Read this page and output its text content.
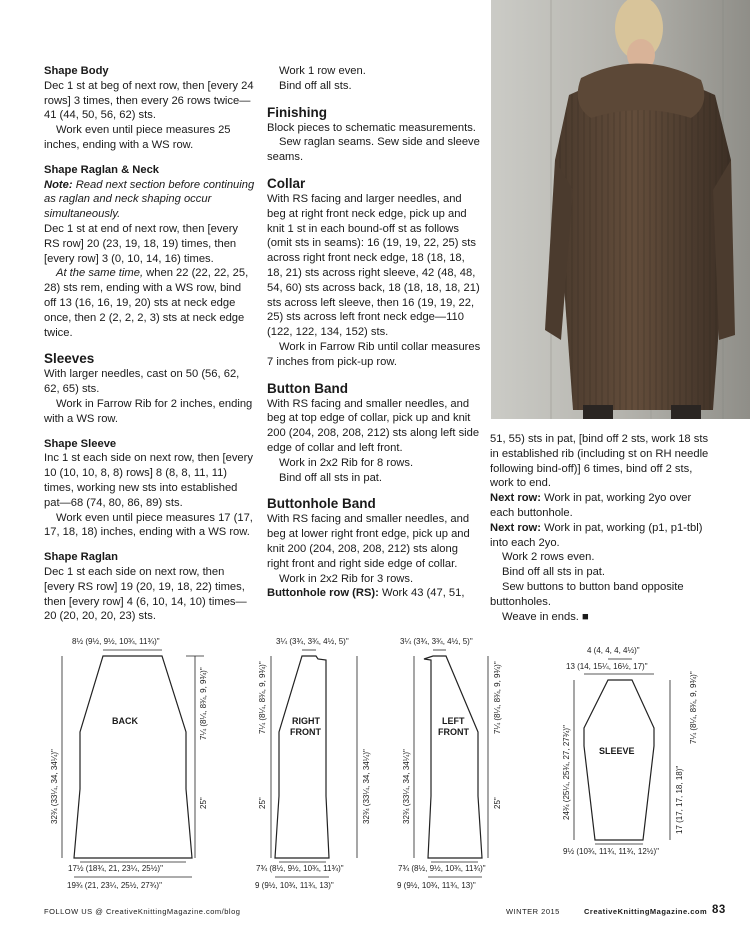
Shape Body

Dec 1 st at beg of next row, then [every 24 rows] 3 times, then every 26 rows twice—41 (44, 50, 56, 62) sts.

Work even until piece measures 25 inches, ending with a WS row.

Shape Raglan & Neck

Note: Read next section before continuing as raglan and neck shaping occur simultaneously.

Dec 1 st at end of next row, then [every RS row] 20 (23, 19, 18, 19) times, then [every row] 3 (0, 10, 14, 16) times.

At the same time, when 22 (22, 22, 25, 28) sts rem, ending with a WS row, bind off 13 (16, 16, 19, 20) sts at neck edge once, then 2 (2, 2, 2, 3) sts at neck edge twice.

Sleeves

With larger needles, cast on 50 (56, 62, 62, 65) sts.

Work in Farrow Rib for 2 inches, ending with a WS row.

Shape Sleeve

Inc 1 st each side on next row, then [every 10 (10, 10, 8, 8) rows] 8 (8, 8, 11, 11) times, working new sts into established pat—68 (74, 80, 86, 89) sts.

Work even until piece measures 17 (17, 17, 18, 18) inches, ending with a WS row.

Shape Raglan

Dec 1 st each side on next row, then [every RS row] 19 (20, 19, 18, 22) times, then [every row] 4 (6, 10, 14, 10) times—20 (20, 20, 20, 23) sts.

Work 1 row even.

Bind off all sts.

Finishing

Block pieces to schematic measurements.

Sew raglan seams. Sew side and sleeve seams.

Collar

With RS facing and larger needles, and beg at right front neck edge, pick up and knit 1 st in each bound-off st as follows (omit sts in seams): 16 (19, 19, 22, 25) sts across right front neck edge, 18 (18, 18, 18, 21) sts across right sleeve, 42 (48, 48, 54, 60) sts across back, 18 (18, 18, 18, 21) sts across left sleeve, then 16 (19, 19, 22, 25) sts across left front neck edge—110 (122, 122, 134, 152) sts.

Work in Farrow Rib until collar measures 7 inches from pick-up row.

Button Band

With RS facing and smaller needles, and beg at top edge of collar, pick up and knit 200 (204, 208, 208, 212) sts along left side edge of collar and left front.

Work in 2x2 Rib for 8 rows.

Bind off all sts in pat.

Buttonhole Band

With RS facing and smaller needles, and beg at lower right front edge, pick up and knit 200 (204, 208, 208, 212) sts along right front and right side edge of collar.

Work in 2x2 Rib for 3 rows.

Buttonhole row (RS): Work 43 (47, 51,

51, 55) sts in pat, [bind off 2 sts, work 18 sts in established rib (including st on RH needle following bind-off)] 6 times, bind off 2 sts, work to end.

Next row: Work in pat, working 2yo over each buttonhole.

Next row: Work in pat, working (p1, p1-tbl) into each 2yo.

Work 2 rows even.

Bind off all sts in pat.

Sew buttons to button band opposite buttonholes.

Weave in ends. ■

BACK
8½ (9½, 9½, 10¾, 11¾)"
7¼ (8¼, 8¾, 9, 9¾)"
25"
32¾ (33¼, 34, 34¼)"
17½ (18¾, 21, 23¼, 25½)"
19¾ (21, 23¼, 25½, 27¾)"
RIGHT
FRONT
3¼ (3¾, 3¾, 4½, 5)"
7¼ (8¼, 8¾, 9, 9¾)"
25"	32¾ (33¼, 34, 34¼)"
7¾ (8½, 9½, 10¾, 11¾)"
9 (9½, 10¾, 11¾, 13)"
LEFT
FRONT
3¼ (3¾, 3¾, 4½, 5)"
7¼ (8¼, 8¾, 9, 9¾)"
25"
32¾ (33¼, 34, 34¼)"
7¾ (8½, 9½, 10¾, 11¾)"
9 (9½, 10¾, 11¾, 13)"
SLEEVE
4 (4, 4, 4, 4½)"
13 (14, 15¼, 16½, 17)"
7¼ (8¼, 8¾, 9, 9¾)"
17 (17, 17, 18, 18)"
24¾ (25¼, 25¾, 27, 27¾)"
9½ (10¾, 11¾, 11¾, 12½)"
FOLLOW US @ CreativeKnittingMagazine.com/blog	WINTER 2015	CreativeKnittingMagazine.com 83
